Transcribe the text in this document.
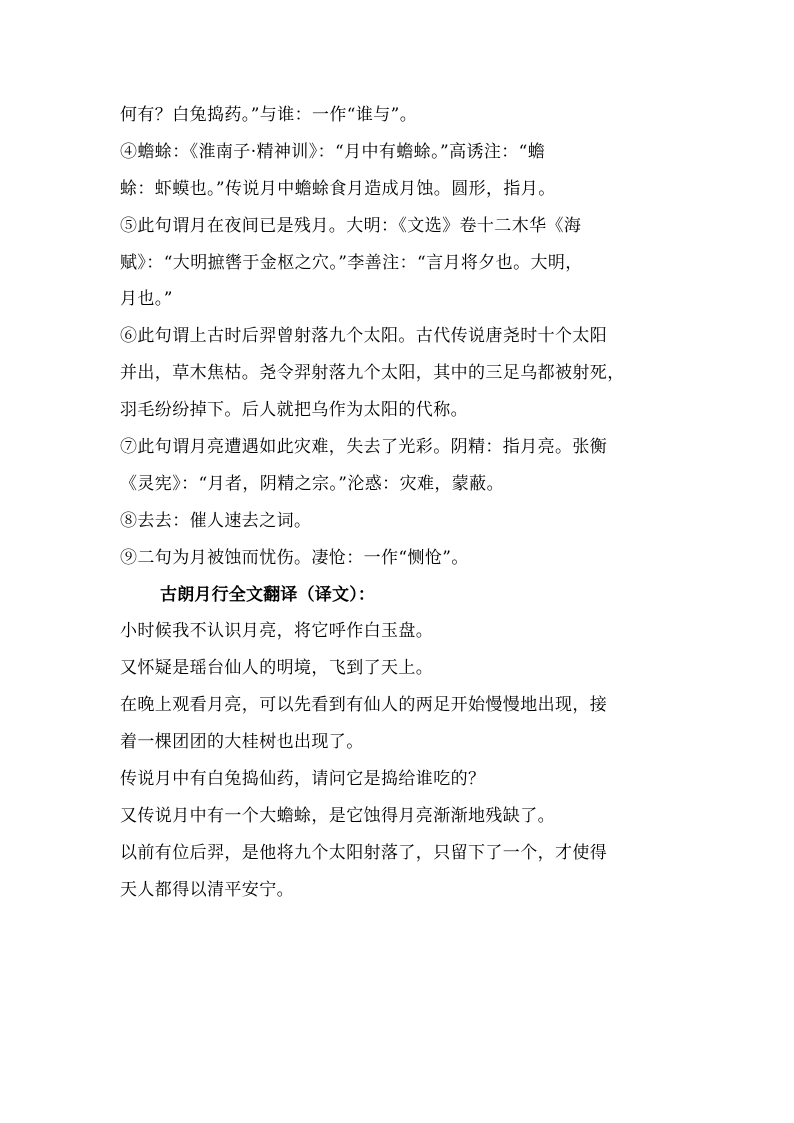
何有？白兔捣药。”与谁：一作“谁与”。
④蟾蜍：《淮南子·精神训》：“月中有蟾蜍。”高诱注：“蟾
蜍：虾蟆也。”传说月中蟾蜍食月造成月蚀。圆形，指月。
⑤此句谓月在夜间已是残月。大明：《文选》卷十二木华《海
赋》：“大明摭辔于金枢之穴。”李善注：“言月将夕也。大明，
月也。”
⑥此句谓上古时后羿曾射落九个太阳。古代传说唐尧时十个太阳
并出，草木焦枯。尧令羿射落九个太阳，其中的三足乌都被射死，
羽毛纷纷掉下。后人就把乌作为太阳的代称。
⑦此句谓月亮遭遇如此灾难，失去了光彩。阴精：指月亮。张衡
《灵宪》：“月者，阴精之宗。”沦惑：灾难，蒙蔽。
⑧去去：催人速去之词。
⑨二句为月被蚀而忧伤。凄怆：一作“恻怆”。
古朗月行全文翻译（译文）：
小时候我不认识月亮，将它呼作白玉盘。
又怀疑是瑶台仙人的明境，飞到了天上。
在晚上观看月亮，可以先看到有仙人的两足开始慢慢地出现，接
着一棵团团的大桂树也出现了。
传说月中有白兔捣仙药，请问它是捣给谁吃的？
又传说月中有一个大蟾蜍，是它蚀得月亮渐渐地残缺了。
以前有位后羿，是他将九个太阳射落了，只留下了一个，才使得
天人都得以清平安宁。
